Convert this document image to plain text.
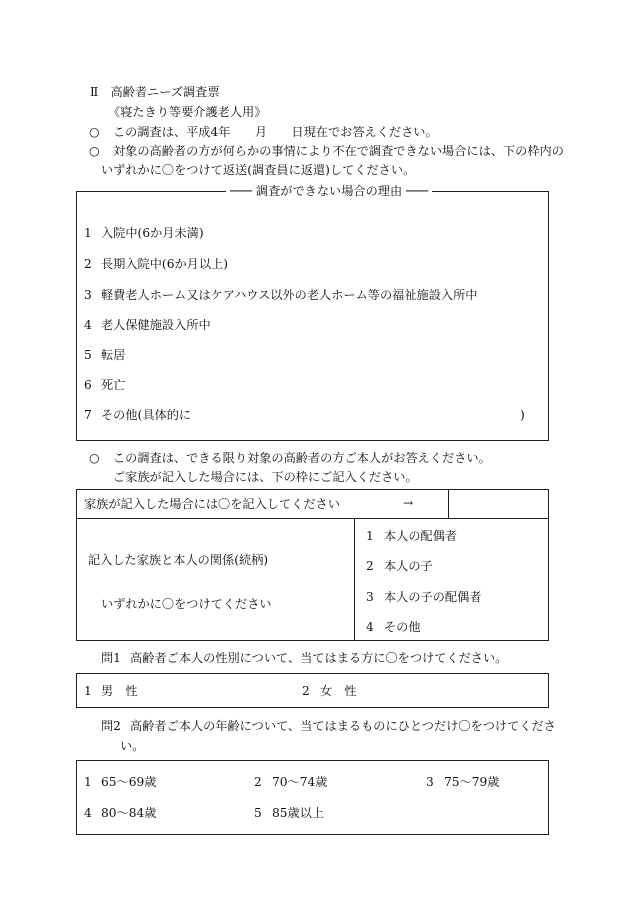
Ⅱ　高齢者ニーズ調査票
《寝たきり等要介護老人用》
○ この調査は、平成4年　　月　　日現在でお答えください。
○ 対象の高齢者の方が何らかの事情により不在で調査できない場合には、下の枠内の
いずれかに〇をつけて返送(調査員に返還)してください。
─── 調査ができない場合の理由 ───
1 入院中(6か月未満)
2 長期入院中(6か月以上)
3 軽費老人ホーム又はケアハウス以外の老人ホーム等の福祉施設入所中
4 老人保健施設入所中
5 転居
6 死亡
7 その他(具体的に	)
○ この調査は、できる限り対象の高齢者の方ご本人がお答えください。
ご家族が記入した場合には、下の枠にご記入ください。
家族が記入した場合には〇を記入してください	→
記入した家族と本人の関係(続柄)
いずれかに〇をつけてください
1 本人の配偶者
2 本人の子
3 本人の子の配偶者
4 その他
問1 高齢者ご本人の性別について、当てはまる方に〇をつけてください。
1 男　性	2 女　性
問2 高齢者ご本人の年齢について、当てはまるものにひとつだけ〇をつけてくださ
い。
1 65〜69歳	2 70〜74歳	3 75〜79歳
4 80〜84歳	5 85歳以上
